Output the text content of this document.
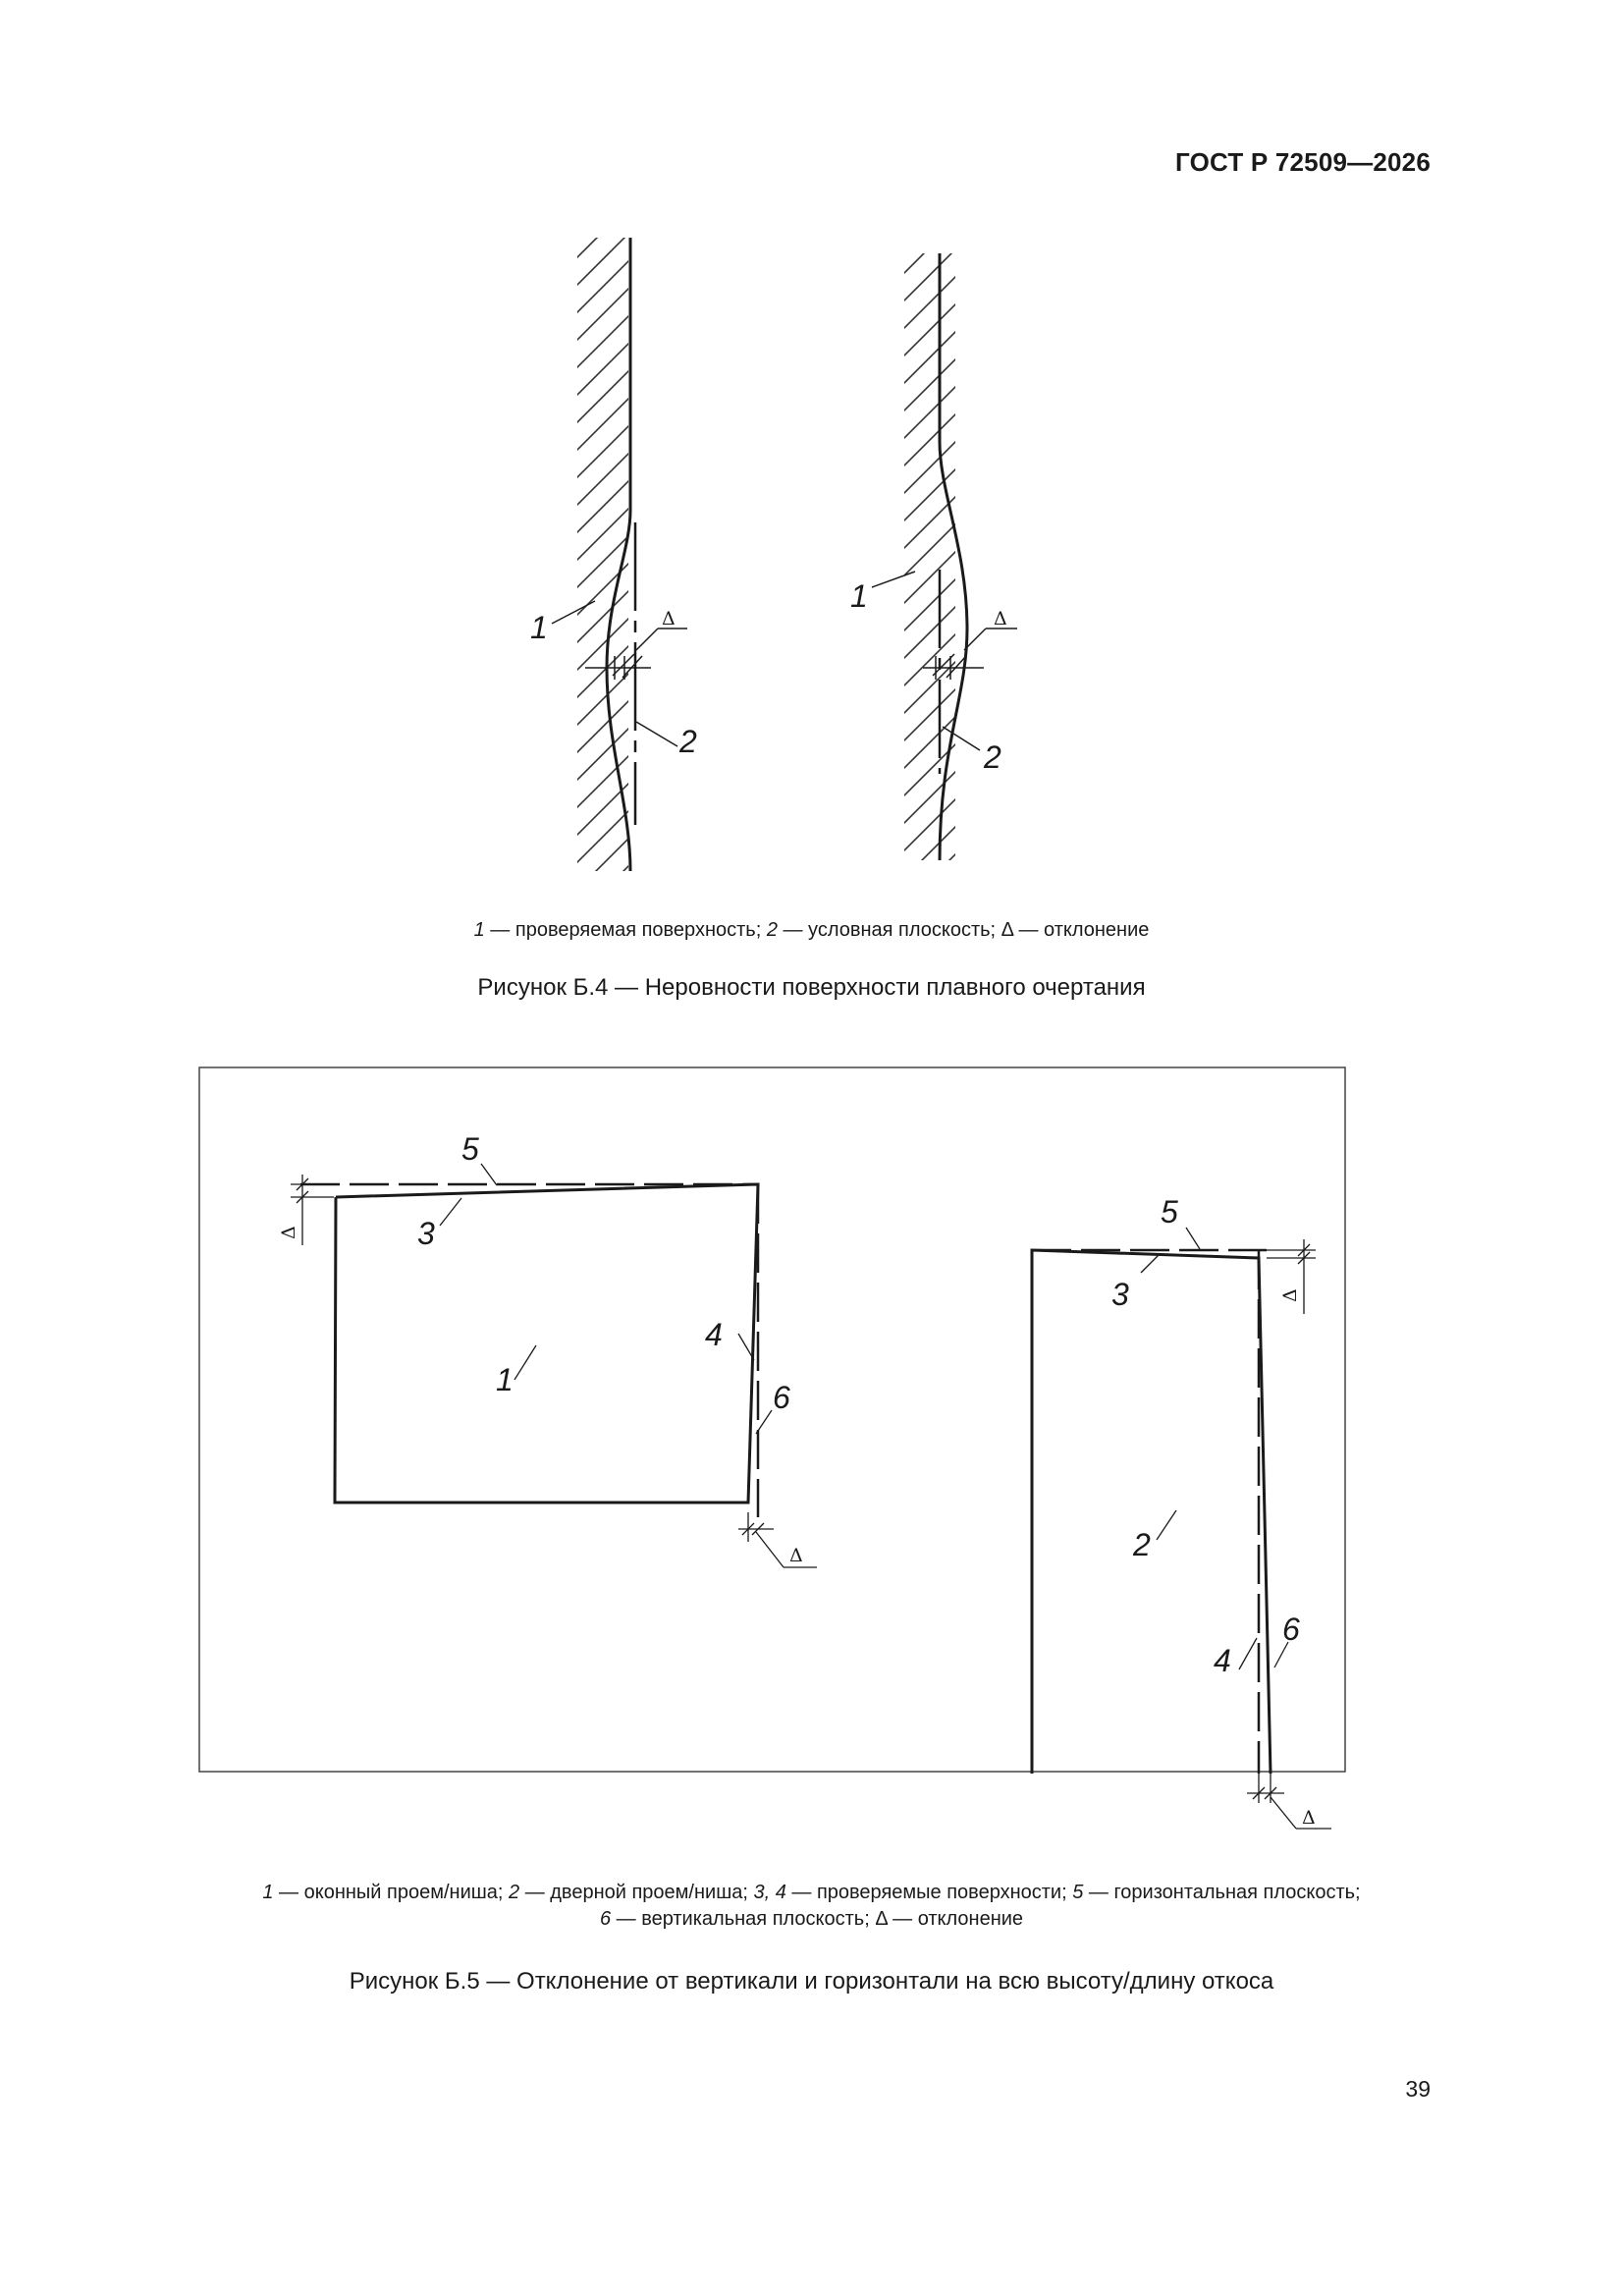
ГОСТ Р 72509—2026
1
2
Δ
1
2
Δ
5
3
1
4
6
Δ
Δ
5
3
2
4
6
Δ
Δ
1 — проверяемая поверхность; 2 — условная плоскость; Δ — отклонение
Рисунок Б.4 — Неровности поверхности плавного очертания
1 — оконный проем/ниша; 2 — дверной проем/ниша; 3, 4 — проверяемые поверхности; 5 — горизонтальная плоскость;
6 — вертикальная плоскость; Δ — отклонение
Рисунок Б.5 — Отклонение от вертикали и горизонтали на всю высоту/длину откоса
39
